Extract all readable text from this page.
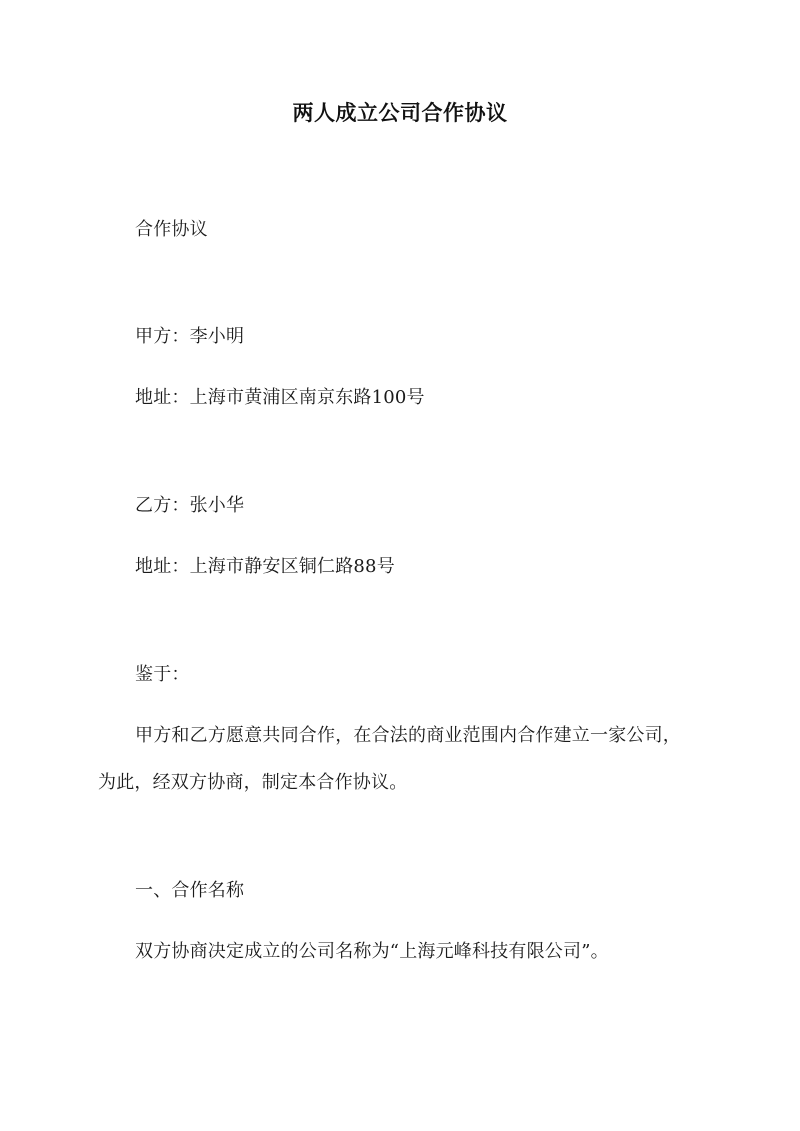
两人成立公司合作协议
合作协议
甲方：李小明
地址：上海市黄浦区南京东路100号
乙方：张小华
地址：上海市静安区铜仁路88号
鉴于：
甲方和乙方愿意共同合作，在合法的商业范围内合作建立一家公司，
为此，经双方协商，制定本合作协议。
一、合作名称
双方协商决定成立的公司名称为“上海元峰科技有限公司”。
